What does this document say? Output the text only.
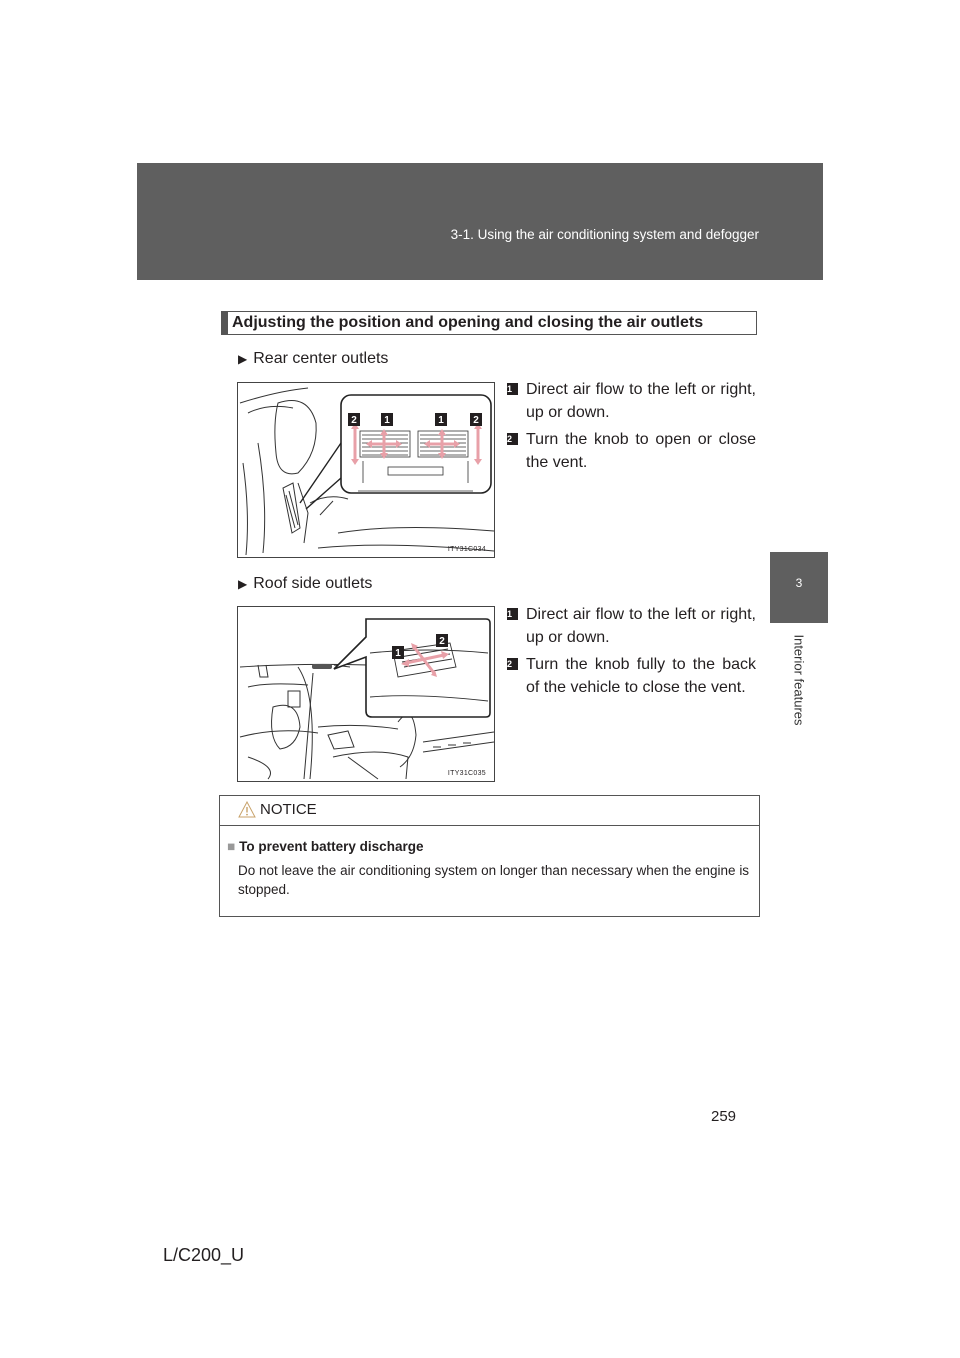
3-1. Using the air conditioning system and defogger
3
Interior features
Adjusting the position and opening and closing the air outlets
▶ Rear center outlets
2	1	1	2
ITY31C034
1 Direct air flow to the left or right, up or down.
2 Turn the knob to open or close the vent.
▶ Roof side outlets
1
2
ITY31C035
1 Direct air flow to the left or right, up or down.
2 Turn the knob fully to the back of the vehicle to close the vent.
NOTICE
■ To prevent battery discharge
Do not leave the air conditioning system on longer than necessary when the engine is stopped.
259
L/C200_U
